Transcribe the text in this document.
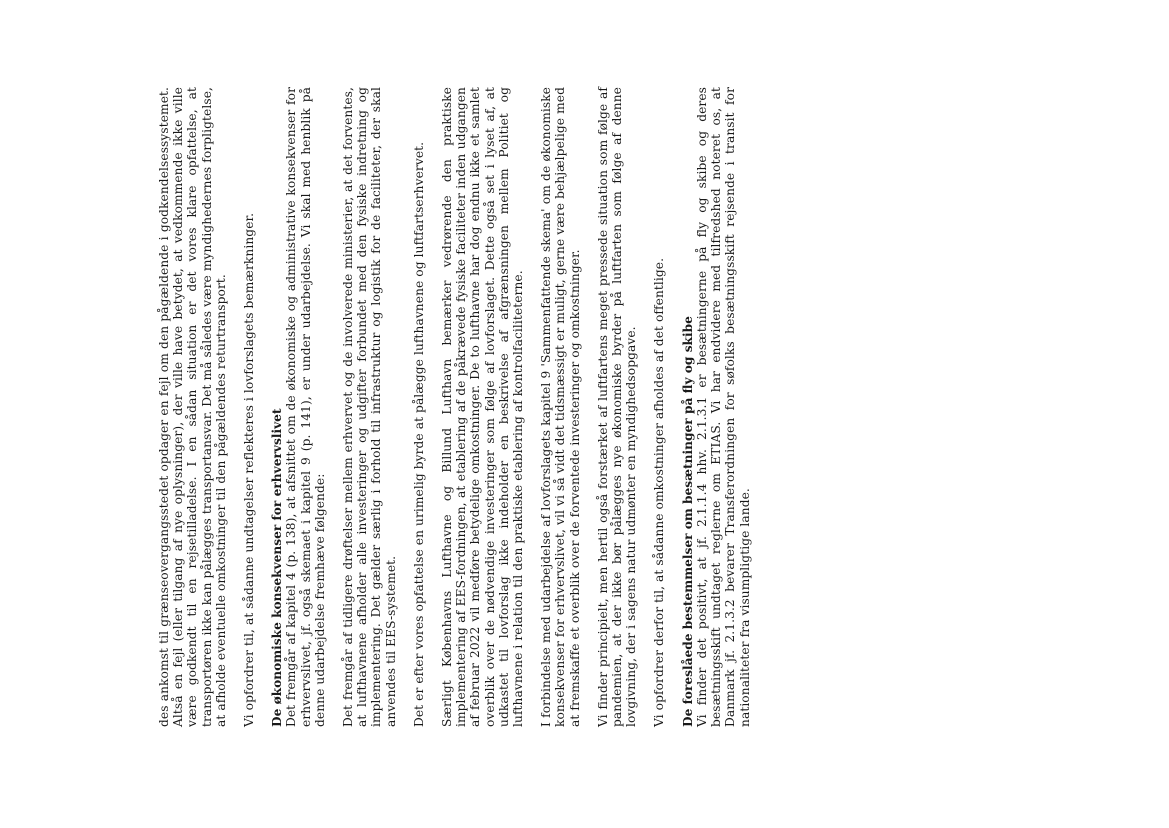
des ankomst til grænseovergangsstedet opdager en fejl om den pågældende i godkendelsessystemet. Altså en fejl (eller tilgang af nye oplysninger), der ville have betydet, at vedkommende ikke ville være godkendt til en rejsetilladelse. I en sådan situation er det vores klare opfattelse, at transportøren ikke kan pålægges transportansvar. Det må således være myndighedernes forpligtelse, at afholde eventuelle omkostninger til den pågældendes returtransport. Vi opfordrer til, at sådanne undtagelser reflekteres i lovforslagets bemærkninger. De økonomiske konsekvenser for erhvervslivet Det fremgår af kapitel 4 (p. 138), at afsnittet om de økonomiske og administrative konsekvenser for erhvervslivet, jf. også skemaet i kapitel 9 (p. 141), er under udarbejdelse. Vi skal med henblik på denne udarbejdelse fremhæve følgende: Det fremgår af tidligere drøftelser mellem erhvervet og de involverede ministerier, at det forventes, at lufthavnene afholder alle investeringer og udgifter forbundet med den fysiske indretning og implementering. Det gælder særlig i forhold til infrastruktur og logistik for de faciliteter, der skal anvendes til EES-systemet. Det er efter vores opfattelse en urimelig byrde at pålægge lufthavnene og luftfartserhvervet. Særligt Københavns Lufthavne og Billund Lufthavn bemærker vedrørende den praktiske implementering af EES-fordningen, at etablering af de påkrævede fysiske faciliteter inden udgangen af februar 2022 vil medføre betydelige omkostninger. De to lufthavne har dog endnu ikke et samlet overblik over de nødvendige investeringer som følge af lovforslaget. Dette også set i lyset af, at udkastet til lovforslag ikke indeholder en beskrivelse af afgrænsningen mellem Politiet og lufthavnene i relation til den praktiske etablering af kontrolfaciliteterne. I forbindelse med udarbejdelse af lovforslagets kapitel 9 'Sammenfattende skema' om de økonomiske konsekvenser for erhvervslivet, vil vi så vidt det tidsmæssigt er muligt, gerne være behjælpelige med at fremskaffe et overblik over de forventede investeringer og omkostninger. Vi finder principielt, men hertil også forstærket af luftfartens meget pressede situation som følge af pandemien, at der ikke bør pålægges nye økonomiske byrder på luftfarten som følge af denne lovgivning, der i sagens natur udmønter en myndighedsopgave. Vi opfordrer derfor til, at sådanne omkostninger afholdes af det offentlige. De foreslåede bestemmelser om besætninger på fly og skibe Vi finder det positivt, at jf. 2.1.1.4 hhv. 2.1.3.1 er besætningerne på fly og skibe og deres besætningsskift undtaget reglerne om ETIAS. Vi har endvidere med tilfredshed noteret os, at Danmark jf. 2.1.3.2 bevarer Transferordningen for søfolks besætningsskift rejsende i transit for nationaliteter fra visumpligtige lande.
